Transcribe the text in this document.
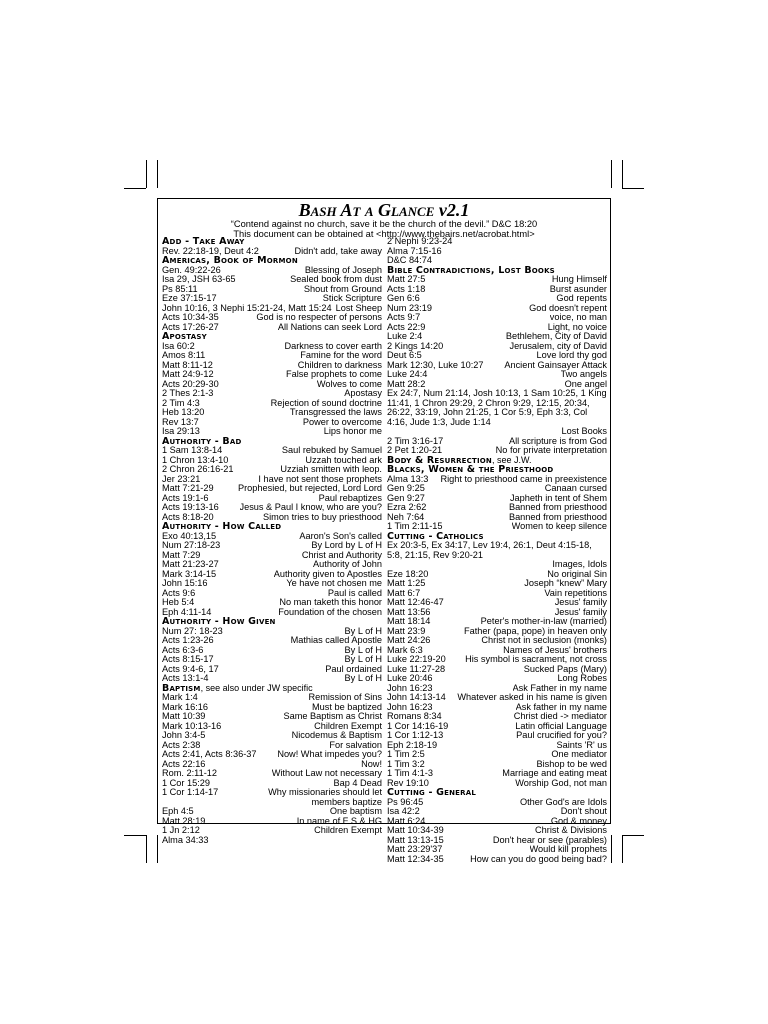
Bash At a Glance v2.1
“Contend against no church, save it be the church of the devil.” D&C 18:20
This document can be obtained at <http://www.thebairs.net/acrobat.html>
Add - Take Away
Rev. 22:18-19, Deut 4:2	Didn't add, take away
Americas, Book of Mormon
Gen. 49:22-26	Blessing of Joseph
Isa 29, JSH 63-65	Sealed book from dust
Ps 85:11	Shout from Ground
Eze 37:15-17	Stick Scripture
John 10:16, 3 Nephi 15:21-24, Matt 15:24 Lost Sheep
Acts 10:34-35	God is no respecter of persons
Acts 17:26-27	All Nations can seek Lord
Apostasy
Isa 60:2	Darkness to cover earth
Amos 8:11	Famine for the word
Matt 8:11-12	Children to darkness
Matt 24:9-12	False prophets to come
Acts 20:29-30	Wolves to come
2 Thes 2:1-3	Apostasy
2 Tim 4:3	Rejection of sound doctrine
Heb 13:20	Transgressed the laws
Rev 13:7	Power to overcome
Isa 29:13	Lips honor me
Authority - Bad
1 Sam 13:8-14	Saul rebuked by Samuel
1 Chron 13:4-10	Uzzah touched ark
2 Chron 26:16-21	Uzziah smitten with leop.
Jer 23:21	I have not sent those prophets
Matt 7:21-29	Prophesied, but rejected, Lord Lord
Acts 19:1-6	Paul rebaptizes
Acts 19:13-16	Jesus & Paul I know, who are you?
Acts 8:18-20	Simon tries to buy priesthood
Authority - How Called
Exo 40:13,15	Aaron's Son's called
Num 27:18-23	By Lord by L of H
Matt 7:29	Christ and Authority
Matt 21:23-27	Authority of John
Mark 3:14-15	Authority given to Apostles
John 15:16	Ye have not chosen me
Acts 9:6	Paul is called
Heb 5:4	No man taketh this honor
Eph 4:11-14	Foundation of the chosen
Authority - How Given
Num 27: 18-23	By L of H
Acts 1:23-26	Mathias called Apostle
Acts 6:3-6	By L of H
Acts 8:15-17	By L of H
Acts 9:4-6, 17	Paul ordained
Acts 13:1-4	By L of H
Baptism, see also under JW specific
Mark 1:4	Remission of Sins
Mark 16:16	Must be baptized
Matt 10:39	Same Baptism as Christ
Mark 10:13-16	Children Exempt
John 3:4-5	Nicodemus & Baptism
Acts 2:38	For salvation
Acts 2:41, Acts 8:36-37	Now! What impedes you?
Acts 22:16	Now!
Rom. 2:11-12	Without Law not necessary
1 Cor 15:29	Bap 4 Dead
1 Cor 1:14-17	Why missionaries should let
members baptize
Eph 4:5	One baptism
Matt 28:19	In name of F S & HG
1 Jn 2:12	Children Exempt
Alma 34:33
2 Nephi 9:23-24
Alma 7:15-16
D&C 84:74
Bible Contradictions, Lost Books
Matt 27:5	Hung Himself
Acts 1:18	Burst asunder
Gen 6:6	God repents
Num 23:19	God doesn't repent
Acts 9:7	voice, no man
Acts 22:9	Light, no voice
Luke 2:4	Bethlehem, City of David
2 Kings 14:20	Jerusalem, city of David
Deut 6:5	Love lord thy god
Mark 12:30, Luke 10:27	Ancient Gainsayer Attack
Luke 24:4	Two angels
Matt 28:2	One angel
Ex 24:7, Num 21:14, Josh 10:13, 1 Sam 10:25, 1 King 11:41, 1 Chron 29:29, 2 Chron 9:29, 12:15, 20:34, 26:22, 33:19, John 21:25, 1 Cor 5:9, Eph 3:3, Col 4:16, Jude 1:3, Jude 1:14
Lost Books
2 Tim 3:16-17	All scripture is from God
2 Pet 1:20-21	No for private interpretation
Body & Resurrection, see J.W.
Blacks, Women & the Priesthood
Alma 13:3	Right to priesthood came in preexistence
Gen 9:25	Canaan cursed
Gen 9:27	Japheth in tent of Shem
Ezra 2:62	Banned from priesthood
Neh 7:64	Banned from priesthood
1 Tim 2:11-15	Women to keep silence
Cutting - Catholics
Ex 20:3-5, Ex 34:17, Lev 19:4, 26:1, Deut 4:15-18, 5:8, 21:15, Rev 9:20-21
Images, Idols
Eze 18:20	No original Sin
Matt 1:25	Joseph “knew” Mary
Matt 6:7	Vain repetitions
Matt 12:46-47	Jesus' family
Matt 13:56	Jesus' family
Matt 18:14	Peter's mother-in-law (married)
Matt 23:9	Father (papa, pope) in heaven only
Matt 24:26	Christ not in seclusion (monks)
Mark 6:3	Names of Jesus' brothers
Luke 22:19-20	His symbol is sacrament, not cross
Luke 11:27-28	Sucked Paps (Mary)
Luke 20:46	Long Robes
John 16:23	Ask Father in my name
John 14:13-14	Whatever asked in his name is given
John 16:23	Ask father in my name
Romans 8:34	Christ died -> mediator
1 Cor 14:16-19	Latin official Language
1 Cor 1:12-13	Paul crucified for you?
Eph 2:18-19	Saints 'R' us
1 Tim 2:5	One mediator
1 Tim 3:2	Bishop to be wed
1 Tim 4:1-3	Marriage and eating meat
Rev 19:10	Worship God, not man
Cutting - General
Ps 96:45	Other God's are Idols
Isa 42:2	Don't shout
Matt 6:24	God & money
Matt 10:34-39	Christ & Divisions
Matt 13:13-15	Don't hear or see (parables)
Matt 23:29'37	Would kill prophets
Matt 12:34-35	How can you do good being bad?
